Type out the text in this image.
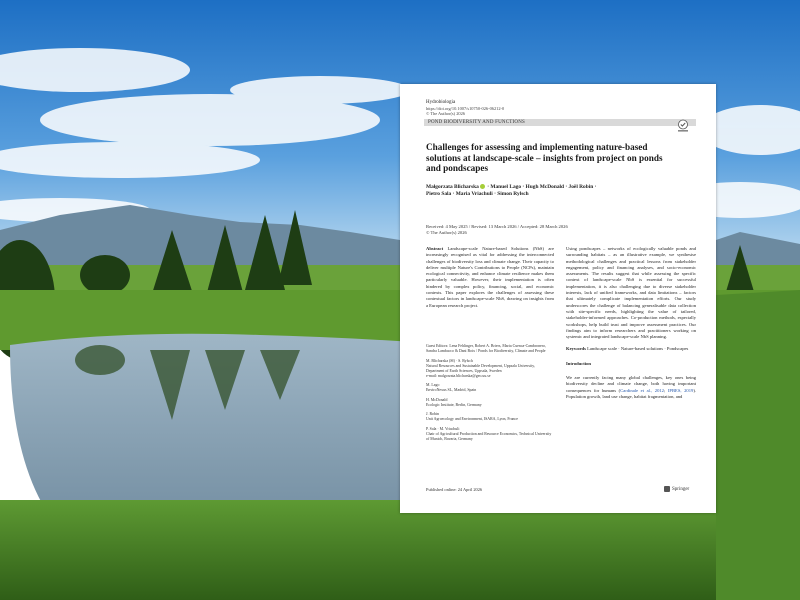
Hydrobiologia
https://doi.org/10.1007/s10750-026-06212-0
© The Author(s) 2026
POND BIODIVERSITY AND FUNCTIONS
Challenges for assessing and implementing nature-based solutions at landscape-scale – insights from project on ponds and pondscapes
Małgorzata Blicharska · Manuel Lago · Hugh McDonald · Joël Robin ·
Pietro Sala · Maria Vriachuli · Simon Rylsch
Received: 4 May 2025 / Revised: 13 March 2026 / Accepted: 28 March 2026
© The Author(s) 2026
Abstract Landscape-scale Nature-based Solutions (NbS) are increasingly recognised as vital for addressing the interconnected challenges of biodiversity loss and climate change. Their capacity to deliver multiple Nature's Contributions to People (NCPs), maintain ecological connectivity, and enhance climate resilience makes them particularly valuable. However, their implementation is often hindered by complex policy, financing, social, and economic contexts. This paper explores the challenges of assessing these contextual factors in landscape-scale NbS, drawing on insights from a European research project.

Guest Editors: Lena Fehlinger, Robert A. Briers, Maria Cuenca-Cambronero, Sandra Lambacco & Dani Boix / Ponds for Biodiversity, Climate and People

M. Blicharska (✉) · S. Rylsch
Natural Resources and Sustainable Development, Uppsala University, Department of Earth Sciences, Uppsala, Sweden
e-mail: malgorzata.blicharska@geo.uu.se

M. Lago
EnviroNexus SL, Madrid, Spain

H. McDonald
Ecologic Institute, Berlin, Germany

J. Robin
Unit Agroecology and Environment, ISARA, Lyon, France

P. Sala · M. Vriachuli
Chair of Agricultural Production and Resource Economics, Technical University of Munich, Bavaria, Germany

Using pondscapes – networks of ecologically valuable ponds and surrounding habitats – as an illustrative example, we synthesise methodological challenges and practical lessons from stakeholder engagement, policy and financing analyses, and socio-economic assessments. The results suggest that while assessing the specific context of landscape-scale NbS is essential for successful implementation, it is also challenging due to diverse stakeholder interests, lack of unified frameworks, and data limitations – factors that ultimately complicate implementation efforts. Our study underscores the challenge of balancing generalisable data collection with site-specific needs, highlighting the value of tailored, stakeholder-informed approaches. Co-production methods, especially workshops, help build trust and improve assessment practices. Our findings aim to inform researchers and practitioners working on systemic and integrated landscape-scale NbS planning.
Keywords Landscape scale · Nature-based solutions · Pondscapes
Introduction
We are currently facing many global challenges, key ones being biodiversity decline and climate change, both having important consequences for humans (Cardinale et al., 2012; IPBES, 2019). Population growth, land use change, habitat fragmentation, and
Published online: 24 April 2026	Springer
